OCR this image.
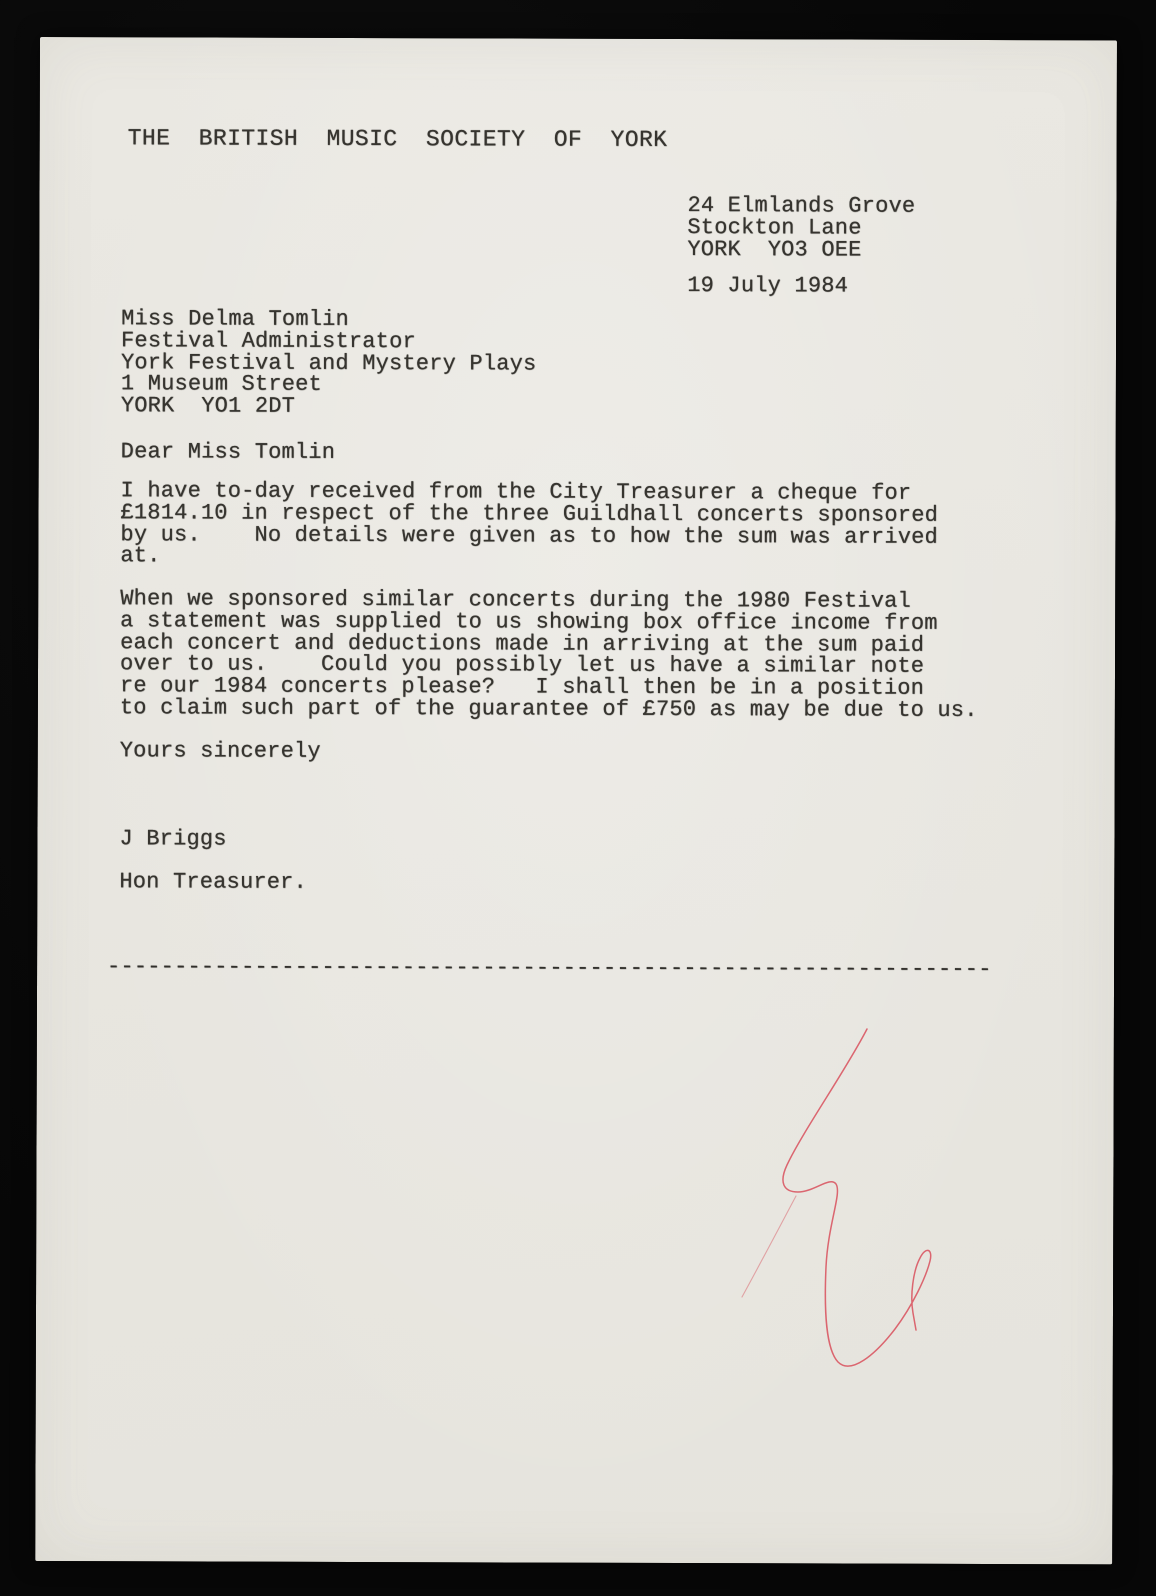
THE  BRITISH  MUSIC  SOCIETY  OF  YORK
24 Elmlands Grove
Stockton Lane
YORK  YO3 OEE
19 July 1984
Miss Delma Tomlin
Festival Administrator
York Festival and Mystery Plays
1 Museum Street
YORK  YO1 2DT
Dear Miss Tomlin
I have to-day received from the City Treasurer a cheque for
£1814.10 in respect of the three Guildhall concerts sponsored
by us.    No details were given as to how the sum was arrived
at.
When we sponsored similar concerts during the 1980 Festival
a statement was supplied to us showing box office income from
each concert and deductions made in arriving at the sum paid
over to us.    Could you possibly let us have a similar note
re our 1984 concerts please?   I shall then be in a position
to claim such part of the guarantee of £750 as may be due to us.
Yours sincerely
J Briggs
Hon Treasurer.
------------------------------------------------------------------
